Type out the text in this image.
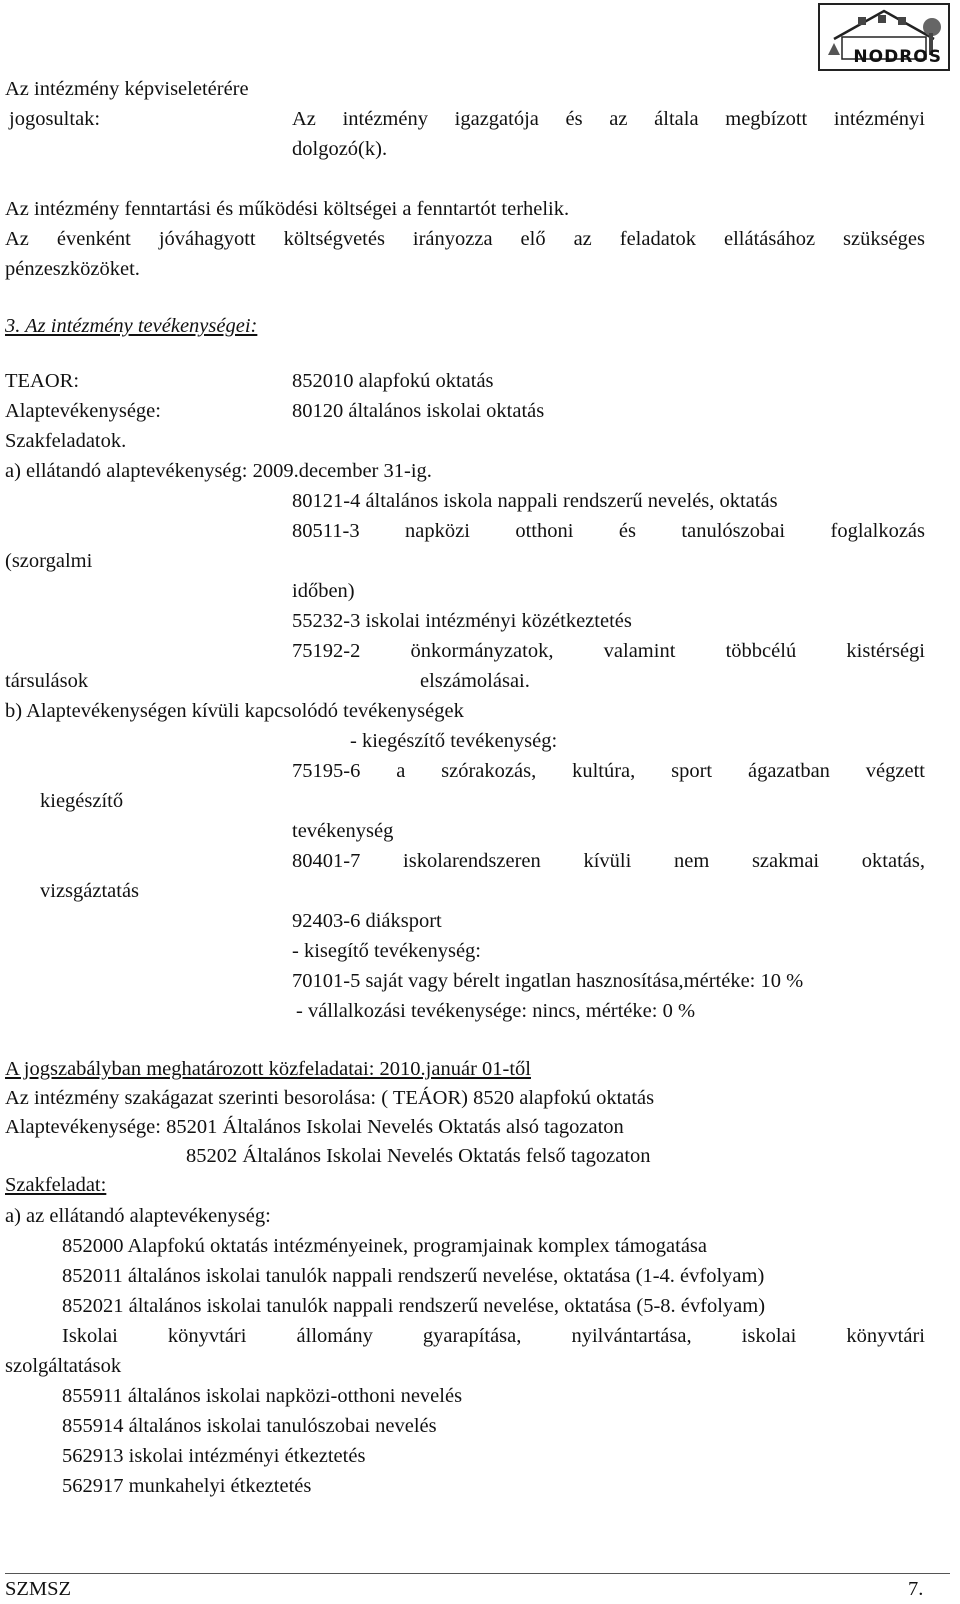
NODROS
Az intézmény képviseletérére
jogosultak:	Az intézmény igazgatója és az általa megbízott intézményi
dolgozó(k).
Az intézmény fenntartási és működési költségei a fenntartót terhelik.
Az évenként jóváhagyott költségvetés irányozza elő az feladatok ellátásához szükséges
pénzeszközöket.
3. Az intézmény tevékenységei:
TEAOR:	852010 alapfokú oktatás
Alaptevékenysége:	80120 általános iskolai oktatás
Szakfeladatok.
a) ellátandó alaptevékenység: 2009.december 31-ig.
80121-4 általános iskola nappali rendszerű nevelés, oktatás
80511-3 napközi otthoni és tanulószobai foglalkozás
(szorgalmi
időben)
55232-3 iskolai intézményi közétkeztetés
75192-2 önkormányzatok, valamint többcélú kistérségi
társulások	elszámolásai.
b) Alaptevékenységen kívüli kapcsolódó tevékenységek
- kiegészítő tevékenység:
75195-6 a szórakozás, kultúra, sport ágazatban végzett
kiegészítő
tevékenység
80401-7 iskolarendszeren kívüli nem szakmai oktatás,
vizsgáztatás
92403-6 diáksport
- kisegítő tevékenység:
70101-5 saját vagy bérelt ingatlan hasznosítása,mértéke: 10 %
- vállalkozási tevékenysége: nincs, mértéke: 0 %
A jogszabályban meghatározott közfeladatai: 2010.január 01-től
Az intézmény szakágazat szerinti besorolása: ( TEÁOR) 8520 alapfokú oktatás
Alaptevékenysége: 85201 Általános Iskolai Nevelés Oktatás alsó tagozaton
85202 Általános Iskolai Nevelés Oktatás felső tagozaton
Szakfeladat:
a) az ellátandó alaptevékenység:
852000 Alapfokú oktatás intézményeinek, programjainak komplex támogatása
852011 általános iskolai tanulók nappali rendszerű nevelése, oktatása (1-4. évfolyam)
852021 általános iskolai tanulók nappali rendszerű nevelése, oktatása (5-8. évfolyam)
Iskolai könyvtári állomány gyarapítása, nyilvántartása, iskolai könyvtári
szolgáltatások
855911 általános iskolai napközi-otthoni nevelés
855914 általános iskolai tanulószobai nevelés
562913 iskolai intézményi étkeztetés
562917 munkahelyi étkeztetés
SZMSZ	7.
